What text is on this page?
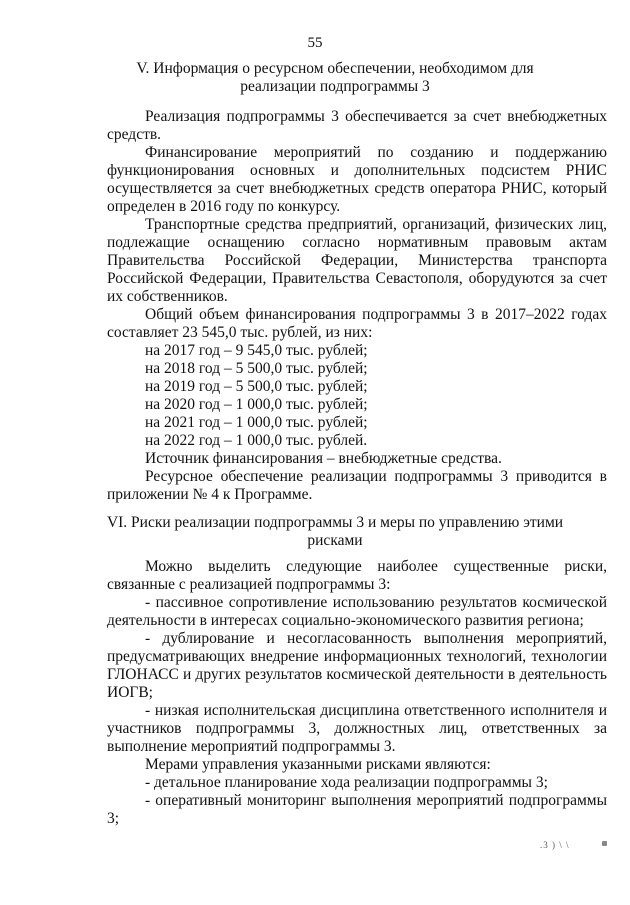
55
V. Информация о ресурсном обеспечении, необходимом для реализации подпрограммы 3

Реализация подпрограммы 3 обеспечивается за счет внебюджетных средств.

Финансирование мероприятий по созданию и поддержанию функционирования основных и дополнительных подсистем РНИС осуществляется за счет внебюджетных средств оператора РНИС, который определен в 2016 году по конкурсу.

Транспортные средства предприятий, организаций, физических лиц, подлежащие оснащению согласно нормативным правовым актам Правительства Российской Федерации, Министерства транспорта Российской Федерации, Правительства Севастополя, оборудуются за счет их собственников.

Общий объем финансирования подпрограммы 3 в 2017–2022 годах составляет 23 545,0 тыс. рублей, из них:

на 2017 год – 9 545,0 тыс. рублей;

на 2018 год – 5 500,0 тыс. рублей;

на 2019 год – 5 500,0 тыс. рублей;

на 2020 год – 1 000,0 тыс. рублей;

на 2021 год – 1 000,0 тыс. рублей;

на 2022 год – 1 000,0 тыс. рублей.

Источник финансирования – внебюджетные средства.

Ресурсное обеспечение реализации подпрограммы 3 приводится в приложении № 4 к Программе.

VI. Риски реализации подпрограммы 3 и меры по управлению этими рисками

Можно выделить следующие наиболее существенные риски, связанные с реализацией подпрограммы 3:

- пассивное сопротивление использованию результатов космической деятельности в интересах социально-экономического развития региона;

- дублирование и несогласованность выполнения мероприятий, предусматривающих внедрение информационных технологий, технологии ГЛОНАСС и других результатов космической деятельности в деятельность ИОГВ;

- низкая исполнительская дисциплина ответственного исполнителя и участников подпрограммы 3, должностных лиц, ответственных за выполнение мероприятий подпрограммы 3.

Мерами управления указанными рисками являются:

- детальное планирование хода реализации подпрограммы 3;

- оперативный мониторинг выполнения мероприятий подпрограммы 3;

.3 ) \ \
